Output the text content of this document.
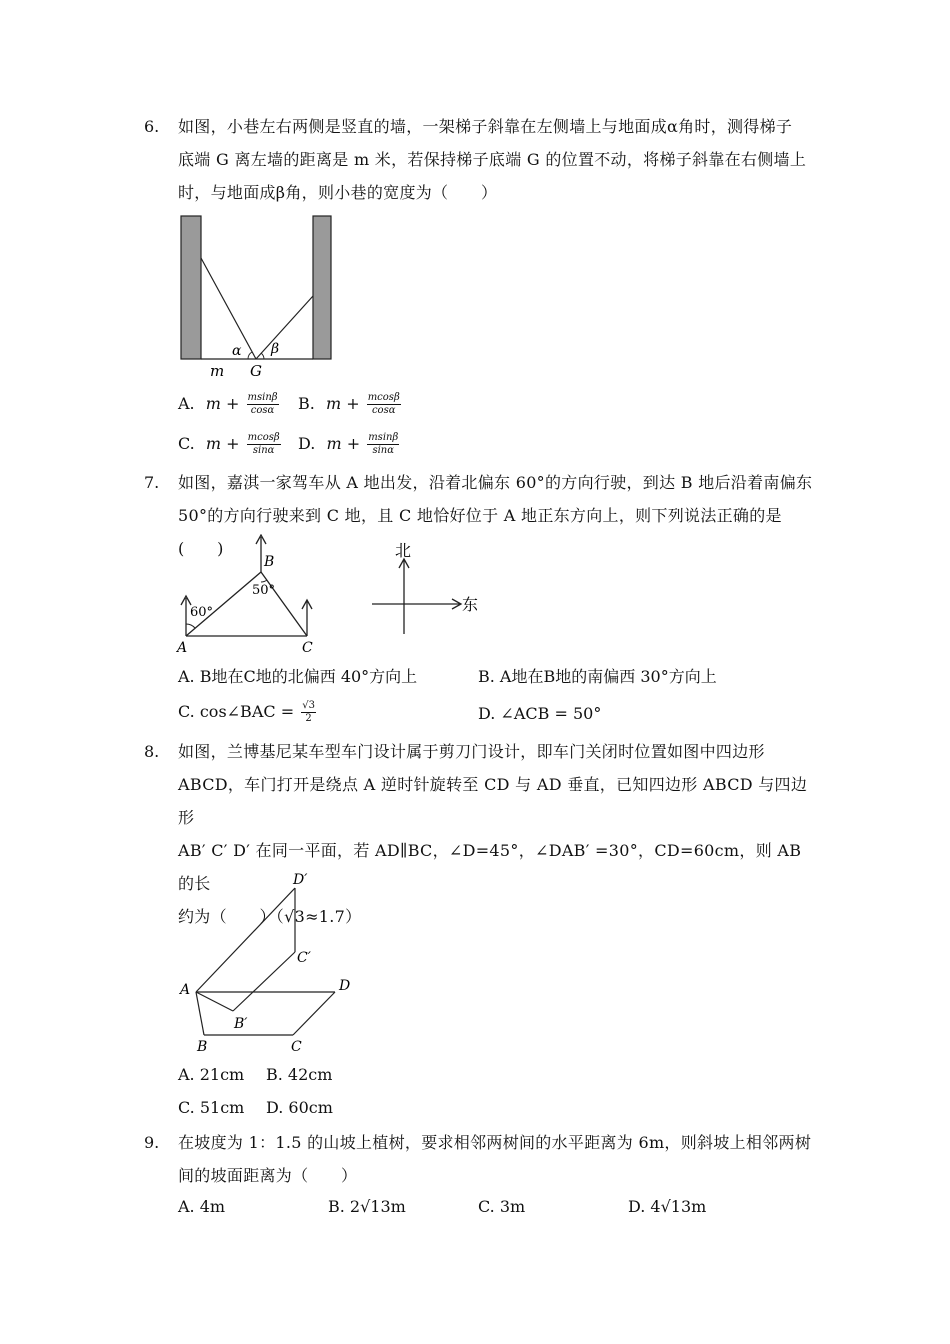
6. 如图，小巷左右两侧是竖直的墙，一架梯子斜靠在左侧墙上与地面成α角时，测得梯子
底端 G 离左墙的距离是 m 米，若保持梯子底端 G 的位置不动，将梯子斜靠在右侧墙上
时，与地面成β角，则小巷的宽度为（　　）
α β
m G
A. $m + \frac{msin\beta}{\cos\alpha} B$. $m + \frac{mcos\beta}{\cos\alpha}$
C. $m + \frac{mcos\beta}{\sin\alpha} D$. $m + \frac{msin\beta}{\sin\alpha}$
7. 如图，嘉淇一家驾车从 A 地出发，沿着北偏东 60°的方向行驶，到达 B 地后沿着南偏东
50°的方向行驶来到 C 地，且 C 地恰好位于 A 地正东方向上，则下列说法正确的是(　　)
A
B
C
60°
50°
北
东
A. B地在C地的北偏西 40°方向上	B. A地在B地的南偏西 30°方向上
C. cos∠BAC = $\frac{√3}{2}$	D. ∠ACB = 50°
8. 如图，兰博基尼某车型车门设计属于剪刀门设计，即车门关闭时位置如图中四边形
ABCD，车门打开是绕点 A 逆时针旋转至 CD 与 AD 垂直，已知四边形 ABCD 与四边形
AB′ C′ D′ 在同一平面，若 AD∥BC，∠D=45°，∠DAB′ =30°，CD=60cm，则 AB 的长
约为（　　）（√3≈1.7）
D′
C′
A	D
B′
B	C
A. 21cm B. 42cm
C. 51cm D. 60cm
9. 在坡度为 1：1.5 的山坡上植树，要求相邻两树间的水平距离为 6m，则斜坡上相邻两树
间的坡面距离为（　　）
A. 4m	B. 2√13m	C. 3m	D. 4√13m
